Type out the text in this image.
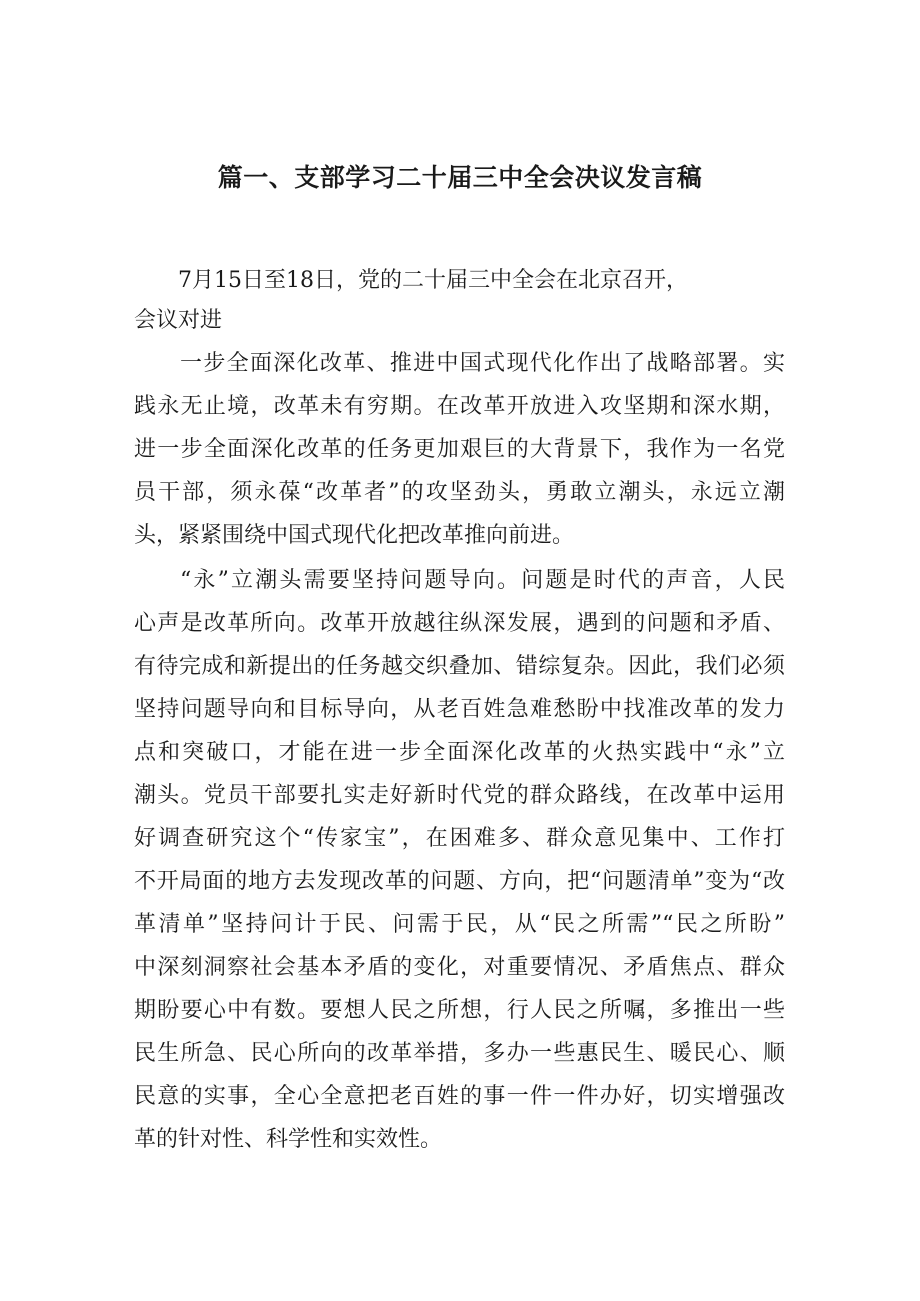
篇一、支部学习二十届三中全会决议发言稿
7月15日至18日，党的二十届三中全会在北京召开，
会议对进
一步全面深化改革、推进中国式现代化作出了战略部署。实
践永无止境，改革未有穷期。在改革开放进入攻坚期和深水期，
进一步全面深化改革的任务更加艰巨的大背景下，我作为一名党
员干部，须永葆“改革者”的攻坚劲头，勇敢立潮头，永远立潮
头，紧紧围绕中国式现代化把改革推向前进。
“永”立潮头需要坚持问题导向。问题是时代的声音，人民
心声是改革所向。改革开放越往纵深发展，遇到的问题和矛盾、
有待完成和新提出的任务越交织叠加、错综复杂。因此，我们必须
坚持问题导向和目标导向，从老百姓急难愁盼中找准改革的发力
点和突破口，才能在进一步全面深化改革的火热实践中“永”立
潮头。党员干部要扎实走好新时代党的群众路线，在改革中运用
好调查研究这个“传家宝”，在困难多、群众意见集中、工作打
不开局面的地方去发现改革的问题、方向，把“问题清单”变为“改
革清单”坚持问计于民、问需于民，从“民之所需”“民之所盼”
中深刻洞察社会基本矛盾的变化，对重要情况、矛盾焦点、群众
期盼要心中有数。要想人民之所想，行人民之所嘱，多推出一些
民生所急、民心所向的改革举措，多办一些惠民生、暖民心、顺
民意的实事，全心全意把老百姓的事一件一件办好，切实增强改
革的针对性、科学性和实效性。
